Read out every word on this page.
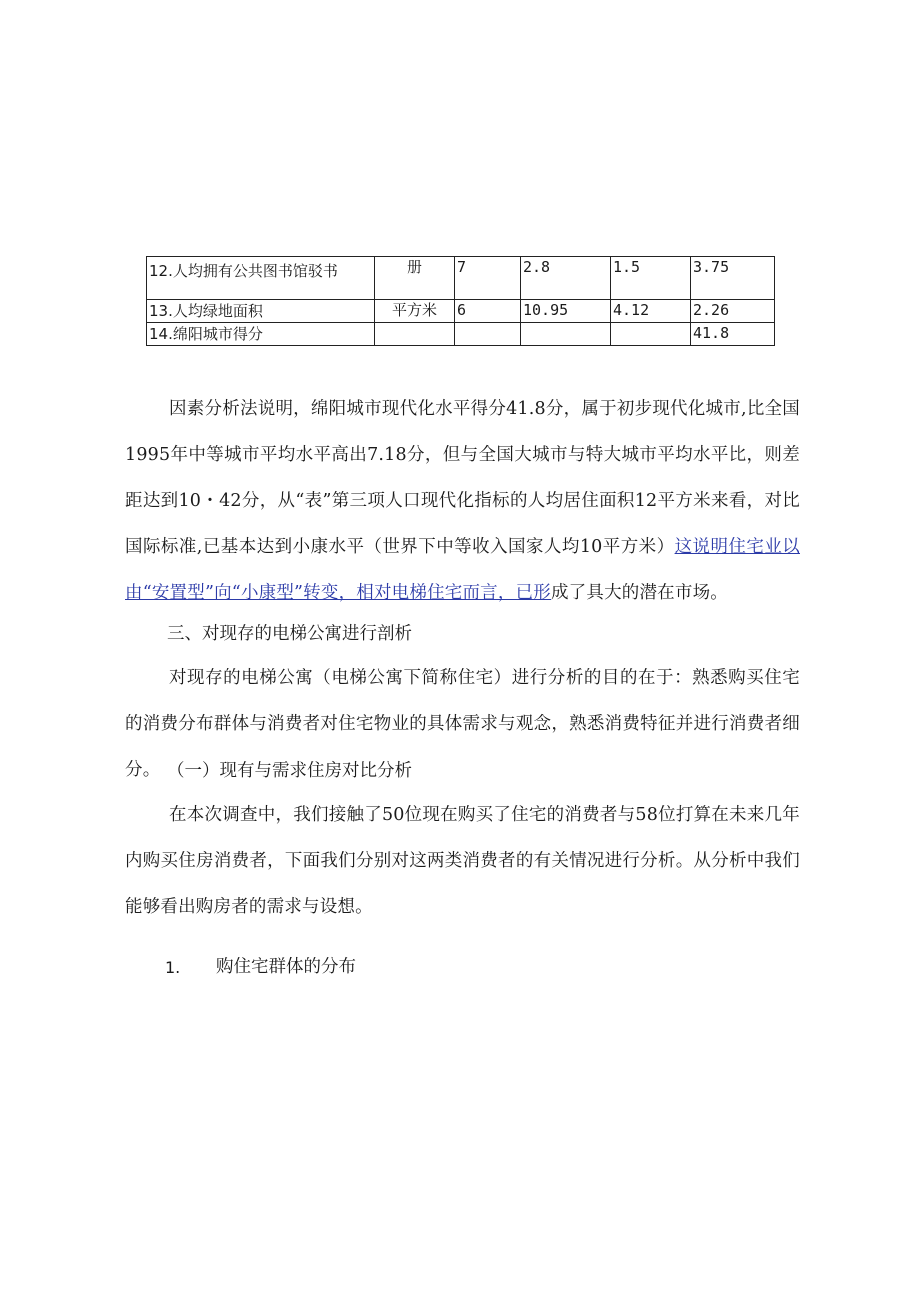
12.人均拥有公共图书馆驳书	册	7	2.8	1.5	3.75
13.人均绿地面积	平方米	6	10.95	4.12	2.26
14.绵阳城市得分					41.8

因素分析法说明，绵阳城市现代化水平得分41.8分，属于初步现代化城市,比全国1995年中等城市平均水平高出7.18分，但与全国大城市与特大城市平均水平比，则差距达到10・42分，从“表”第三项人口现代化指标的人均居住面积12平方米来看，对比国际标准,已基本达到小康水平（世界下中等收入国家人均10平方米）这说明住宅业以由“安置型”向“小康型”转变，相对电梯住宅而言，已形成了具大的潜在市场。

三、对现存的电梯公寓进行剖析

对现存的电梯公寓（电梯公寓下简称住宅）进行分析的目的在于：熟悉购买住宅的消费分布群体与消费者对住宅物业的具体需求与观念，熟悉消费特征并进行消费者细分。 （一）现有与需求住房对比分析

在本次调查中，我们接触了50位现在购买了住宅的消费者与58位打算在未来几年内购买住房消费者，下面我们分别对这两类消费者的有关情况进行分析。从分析中我们能够看出购房者的需求与设想。

1. 购住宅群体的分布
